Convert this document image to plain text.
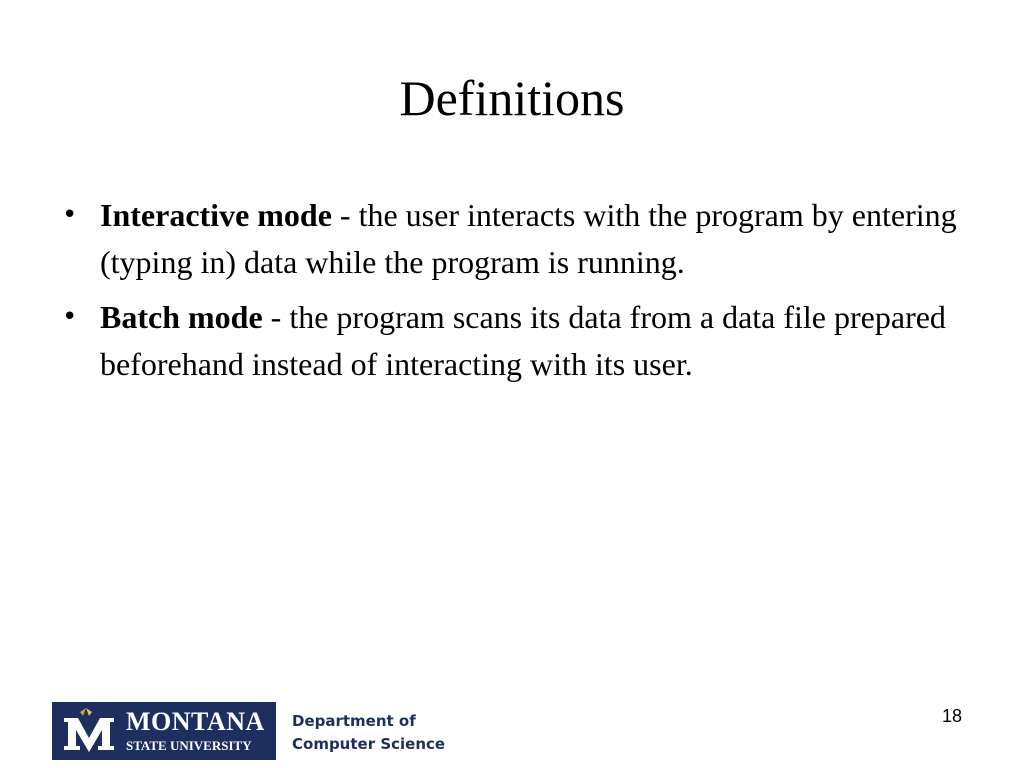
Definitions
• Interactive mode - the user interacts with the program by entering (typing in) data while the program is running.
• Batch mode - the program scans its data from a data file prepared beforehand instead of interacting with its user.
MONTANA
STATE UNIVERSITY
Department of
Computer Science
18
